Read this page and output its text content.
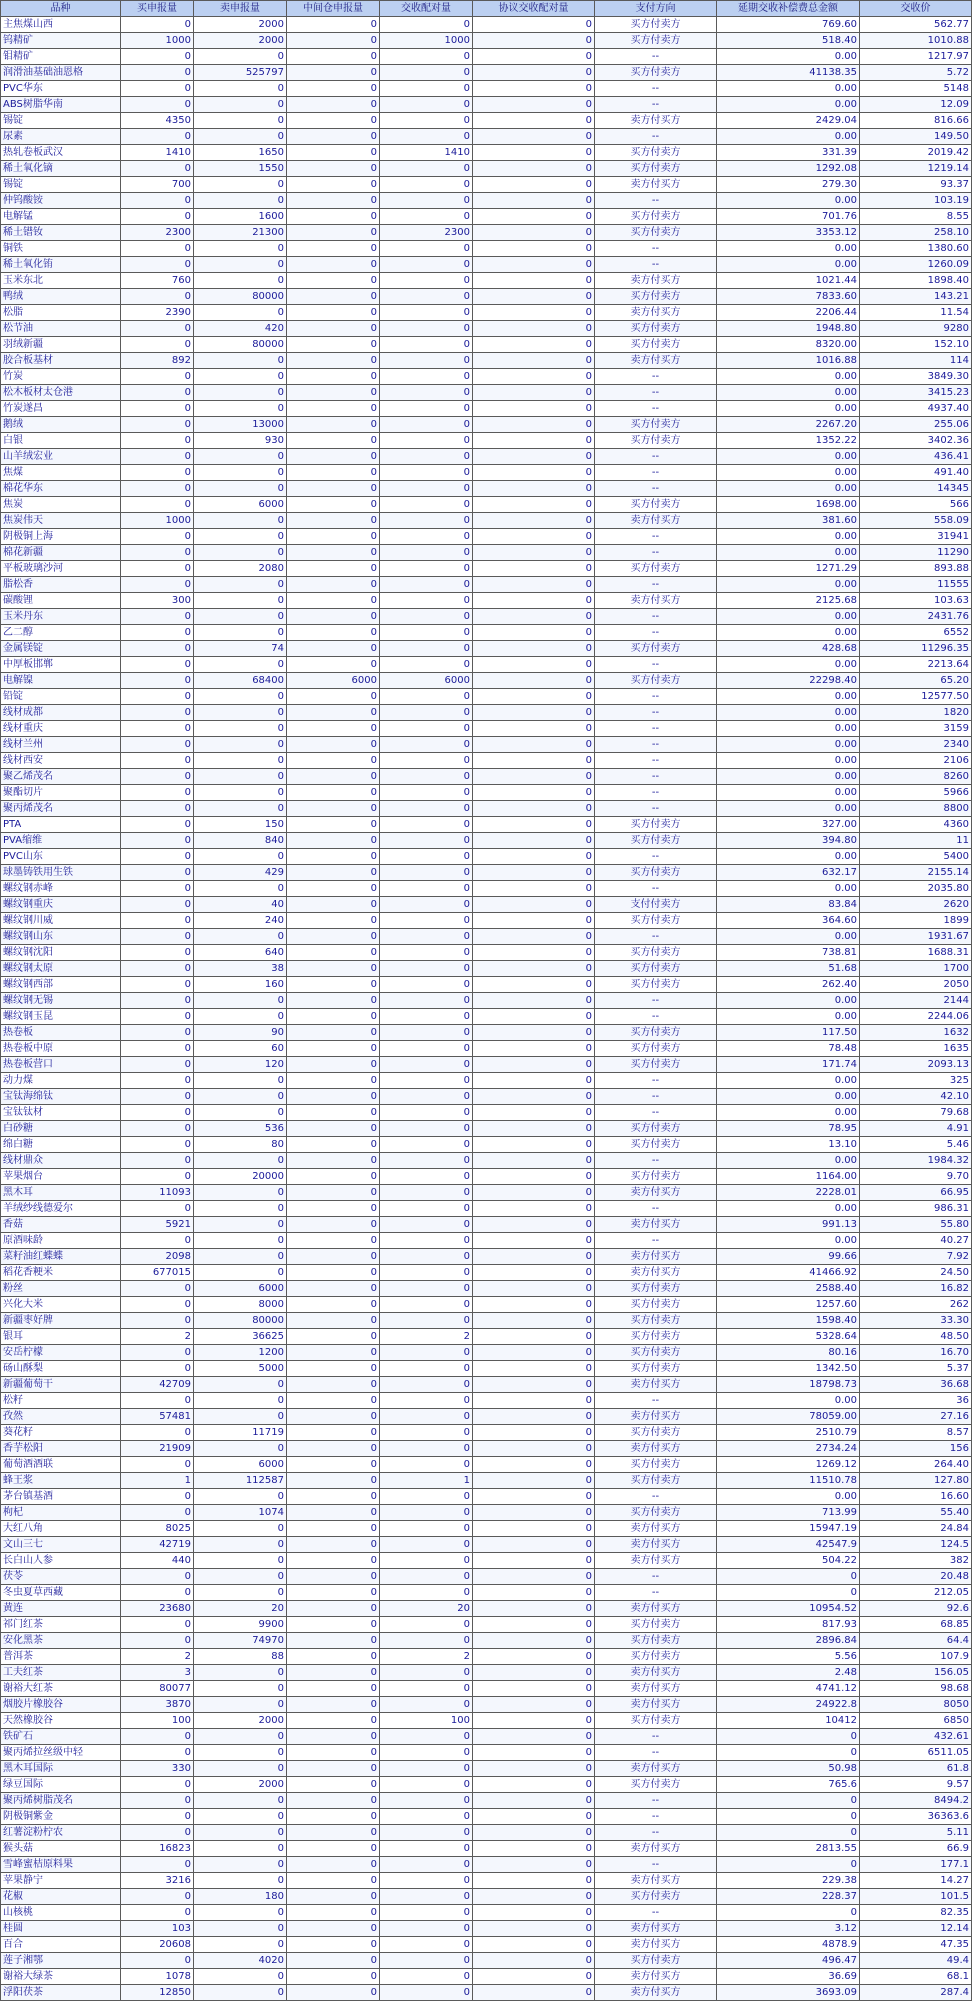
品种	买申报量	卖申报量	中间仓申报量	交收配对量	协议交收配对量	支付方向	延期交收补偿费总金额	交收价
主焦煤山西	0	2000	0	0	0	买方付卖方	769.60	562.77
钨精矿	1000	2000	0	1000	0	买方付卖方	518.40	1010.88
钼精矿	0	0	0	0	0	--	0.00	1217.97
润滑油基础油恩格	0	525797	0	0	0	买方付卖方	41138.35	5.72
PVC华东	0	0	0	0	0	--	0.00	5148
ABS树脂华南	0	0	0	0	0	--	0.00	12.09
锡锭	4350	0	0	0	0	卖方付买方	2429.04	816.66
尿素	0	0	0	0	0	--	0.00	149.50
热轧卷板武汉	1410	1650	0	1410	0	买方付卖方	331.39	2019.42
稀土氧化镝	0	1550	0	0	0	买方付卖方	1292.08	1219.14
锡锭	700	0	0	0	0	卖方付买方	279.30	93.37
仲钨酸铵	0	0	0	0	0	--	0.00	103.19
电解锰	0	1600	0	0	0	买方付卖方	701.76	8.55
稀土镨钕	2300	21300	0	2300	0	买方付卖方	3353.12	258.10
铜铁	0	0	0	0	0	--	0.00	1380.60
稀土氧化铕	0	0	0	0	0	--	0.00	1260.09
玉米东北	760	0	0	0	0	卖方付买方	1021.44	1898.40
鸭绒	0	80000	0	0	0	买方付卖方	7833.60	143.21
松脂	2390	0	0	0	0	卖方付买方	2206.44	11.54
松节油	0	420	0	0	0	买方付卖方	1948.80	9280
羽绒新疆	0	80000	0	0	0	买方付卖方	8320.00	152.10
胶合板基材	892	0	0	0	0	卖方付买方	1016.88	114
竹炭	0	0	0	0	0	--	0.00	3849.30
松木板材太仓港	0	0	0	0	0	--	0.00	3415.23
竹炭遂昌	0	0	0	0	0	--	0.00	4937.40
鹅绒	0	13000	0	0	0	买方付卖方	2267.20	255.06
白银	0	930	0	0	0	买方付卖方	1352.22	3402.36
山羊绒宏业	0	0	0	0	0	--	0.00	436.41
焦煤	0	0	0	0	0	--	0.00	491.40
棉花华东	0	0	0	0	0	--	0.00	14345
焦炭	0	6000	0	0	0	买方付卖方	1698.00	566
焦炭伟天	1000	0	0	0	0	卖方付买方	381.60	558.09
阴极铜上海	0	0	0	0	0	--	0.00	31941
棉花新疆	0	0	0	0	0	--	0.00	11290
平板玻璃沙河	0	2080	0	0	0	买方付卖方	1271.29	893.88
脂松香	0	0	0	0	0	--	0.00	11555
碳酸锂	300	0	0	0	0	卖方付买方	2125.68	103.63
玉米丹东	0	0	0	0	0	--	0.00	2431.76
乙二醇	0	0	0	0	0	--	0.00	6552
金属镁锭	0	74	0	0	0	买方付卖方	428.68	11296.35
中厚板邯郸	0	0	0	0	0	--	0.00	2213.64
电解镍	0	68400	6000	6000	0	买方付卖方	22298.40	65.20
铅锭	0	0	0	0	0	--	0.00	12577.50
线材成都	0	0	0	0	0	--	0.00	1820
线材重庆	0	0	0	0	0	--	0.00	3159
线材兰州	0	0	0	0	0	--	0.00	2340
线材西安	0	0	0	0	0	--	0.00	2106
聚乙烯茂名	0	0	0	0	0	--	0.00	8260
聚酯切片	0	0	0	0	0	--	0.00	5966
聚丙烯茂名	0	0	0	0	0	--	0.00	8800
PTA	0	150	0	0	0	买方付卖方	327.00	4360
PVA缩维	0	840	0	0	0	买方付卖方	394.80	11
PVC山东	0	0	0	0	0	--	0.00	5400
球墨铸铁用生铁	0	429	0	0	0	买方付卖方	632.17	2155.14
螺纹钢赤峰	0	0	0	0	0	--	0.00	2035.80
螺纹钢重庆	0	40	0	0	0	支付付卖方	83.84	2620
螺纹钢川威	0	240	0	0	0	买方付卖方	364.60	1899
螺纹钢山东	0	0	0	0	0	--	0.00	1931.67
螺纹钢沈阳	0	640	0	0	0	买方付卖方	738.81	1688.31
螺纹钢太原	0	38	0	0	0	买方付卖方	51.68	1700
螺纹钢西部	0	160	0	0	0	买方付卖方	262.40	2050
螺纹钢无锡	0	0	0	0	0	--	0.00	2144
螺纹钢玉昆	0	0	0	0	0	--	0.00	2244.06
热卷板	0	90	0	0	0	买方付卖方	117.50	1632
热卷板中原	0	60	0	0	0	买方付卖方	78.48	1635
热卷板营口	0	120	0	0	0	买方付卖方	171.74	2093.13
动力煤	0	0	0	0	0	--	0.00	325
宝钛海绵钛	0	0	0	0	0	--	0.00	42.10
宝钛钛材	0	0	0	0	0	--	0.00	79.68
白砂糖	0	536	0	0	0	买方付卖方	78.95	4.91
绵白糖	0	80	0	0	0	买方付卖方	13.10	5.46
线材鼎众	0	0	0	0	0	--	0.00	1984.32
苹果烟台	0	20000	0	0	0	买方付卖方	1164.00	9.70
黑木耳	11093	0	0	0	0	卖方付买方	2228.01	66.95
羊绒纱线德爱尔	0	0	0	0	0	--	0.00	986.31
香菇	5921	0	0	0	0	卖方付买方	991.13	55.80
原酒味龄	0	0	0	0	0	--	0.00	40.27
菜籽油红蝶蝶	2098	0	0	0	0	卖方付买方	99.66	7.92
稻花香粳米	677015	0	0	0	0	卖方付买方	41466.92	24.50
粉丝	0	6000	0	0	0	买方付卖方	2588.40	16.82
兴化大米	0	8000	0	0	0	买方付卖方	1257.60	262
新疆枣好牌	0	80000	0	0	0	买方付卖方	1598.40	33.30
银耳	2	36625	0	2	0	买方付卖方	5328.64	48.50
安岳柠檬	0	1200	0	0	0	买方付卖方	80.16	16.70
砀山酥梨	0	5000	0	0	0	买方付卖方	1342.50	5.37
新疆葡萄干	42709	0	0	0	0	卖方付买方	18798.73	36.68
松籽	0	0	0	0	0	--	0.00	36
孜然	57481	0	0	0	0	卖方付买方	78059.00	27.16
葵花籽	0	11719	0	0	0	买方付卖方	2510.79	8.57
香芋松阳	21909	0	0	0	0	卖方付买方	2734.24	156
葡萄酒酒联	0	6000	0	0	0	买方付卖方	1269.12	264.40
蜂王浆	1	112587	0	1	0	买方付卖方	11510.78	127.80
茅台镇基酒	0	0	0	0	0	--	0.00	16.60
枸杞	0	1074	0	0	0	买方付卖方	713.99	55.40
大红八角	8025	0	0	0	0	卖方付买方	15947.19	24.84
文山三七	42719	0	0	0	0	卖方付买方	42547.9	124.5
长白山人参	440	0	0	0	0	卖方付买方	504.22	382
茯苓	0	0	0	0	0	--	0	20.48
冬虫夏草西藏	0	0	0	0	0	--	0	212.05
黄连	23680	20	0	20	0	卖方付买方	10954.52	92.6
祁门红茶	0	9900	0	0	0	买方付卖方	817.93	68.85
安化黑茶	0	74970	0	0	0	买方付卖方	2896.84	64.4
普洱茶	2	88	0	2	0	买方付卖方	5.56	107.9
工夫红茶	3	0	0	0	0	卖方付买方	2.48	156.05
谢裕大红茶	80077	0	0	0	0	卖方付买方	4741.12	98.68
烟胶片橡胶谷	3870	0	0	0	0	卖方付买方	24922.8	8050
天然橡胶谷	100	2000	0	100	0	买方付卖方	10412	6850
铁矿石	0	0	0	0	0	--	0	432.61
聚丙烯拉丝级中轻	0	0	0	0	0	--	0	6511.05
黑木耳国际	330	0	0	0	0	卖方付买方	50.98	61.8
绿豆国际	0	2000	0	0	0	买方付卖方	765.6	9.57
聚丙烯树脂茂名	0	0	0	0	0	--	0	8494.2
阴极铜紫金	0	0	0	0	0	--	0	36363.6
红薯淀粉柠农	0	0	0	0	0	--	0	5.11
猴头菇	16823	0	0	0	0	卖方付买方	2813.55	66.9
雪峰蜜桔原料果	0	0	0	0	0	--	0	177.1
苹果静宁	3216	0	0	0	0	卖方付买方	229.38	14.27
花椒	0	180	0	0	0	买方付卖方	228.37	101.5
山核桃	0	0	0	0	0	--	0	82.35
桂圆	103	0	0	0	0	卖方付买方	3.12	12.14
百合	20608	0	0	0	0	卖方付买方	4878.9	47.35
莲子湘鄂	0	4020	0	0	0	买方付卖方	496.47	49.4
谢裕大绿茶	1078	0	0	0	0	卖方付买方	36.69	68.1
浮阳茯茶	12850	0	0	0	0	卖方付买方	3693.09	287.4
